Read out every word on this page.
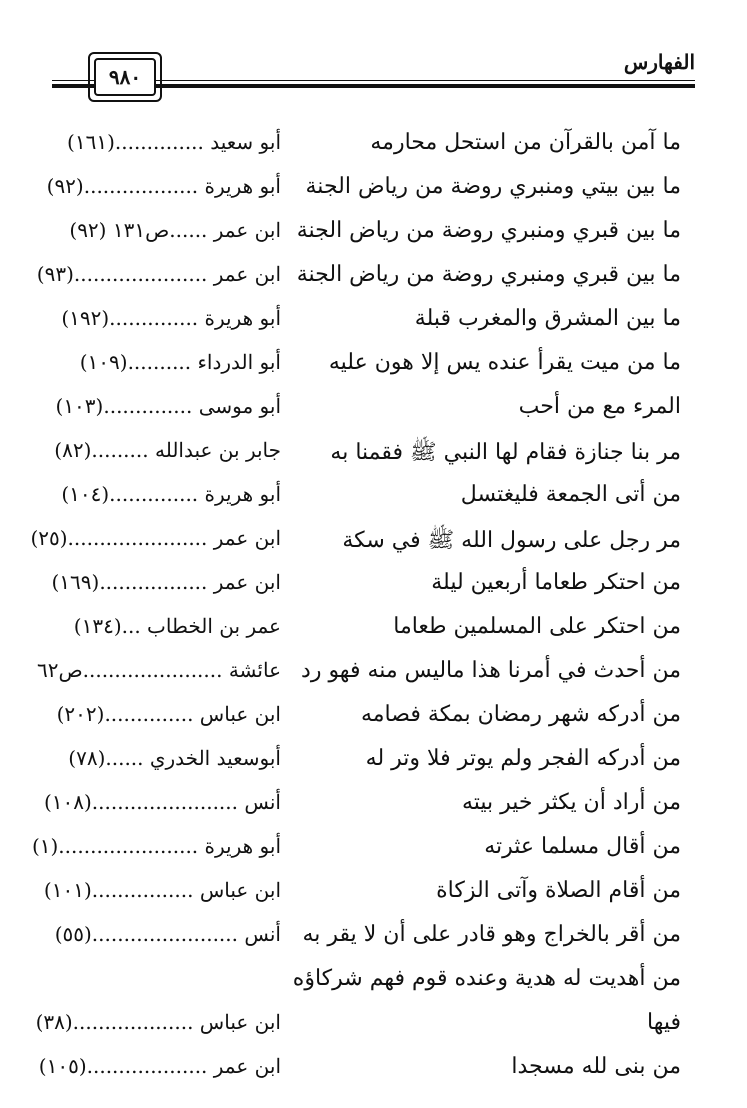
الفهارس
٩٨٠
ما آمن بالقرآن من استحل محارمه
أبو سعيد ..............(١٦١)
ما بين بيتي ومنبري روضة من رياض الجنة
أبو هريرة ..................(٩٢)
ما بين قبري ومنبري روضة من رياض الجنة
ابن عمر ......ص١٣١ (٩٢)
ما بين قبري ومنبري روضة من رياض الجنة
ابن عمر .....................(٩٣)
ما بين المشرق والمغرب قبلة
أبو هريرة ..............(١٩٢)
ما من ميت يقرأ عنده يس إلا هون عليه
أبو الدرداء ..........(١٠٩)
المرء مع من أحب
أبو موسى ..............(١٠٣)
مر بنا جنازة فقام لها النبي ﷺ فقمنا به
جابر بن عبدالله .........(٨٢)
من أتى الجمعة فليغتسل
أبو هريرة ..............(١٠٤)
مر رجل على رسول الله ﷺ في سكة
ابن عمر ......................(٢٥)
من احتكر طعاما أربعين ليلة
ابن عمر .................(١٦٩)
من احتكر على المسلمين طعاما
عمر بن الخطاب ...(١٣٤)
من أحدث في أمرنا هذا ماليس منه فهو رد
عائشة ......................ص٦٢
من أدركه شهر رمضان بمكة فصامه
ابن عباس ..............(٢٠٢)
من أدركه الفجر ولم يوتر فلا وتر له
أبوسعيد الخدري ......(٧٨)
من أراد أن يكثر خير بيته
أنس .......................(١٠٨)
من أقال مسلما عثرته
أبو هريرة ......................(١)
من أقام الصلاة وآتى الزكاة
ابن عباس ................(١٠١)
من أقر بالخراج وهو قادر على أن لا يقر به
أنس .......................(٥٥)
من أهديت له هدية وعنده قوم فهم شركاؤه
فيها
ابن عباس ...................(٣٨)
من بنى لله مسجدا
ابن عمر ...................(١٠٥)
